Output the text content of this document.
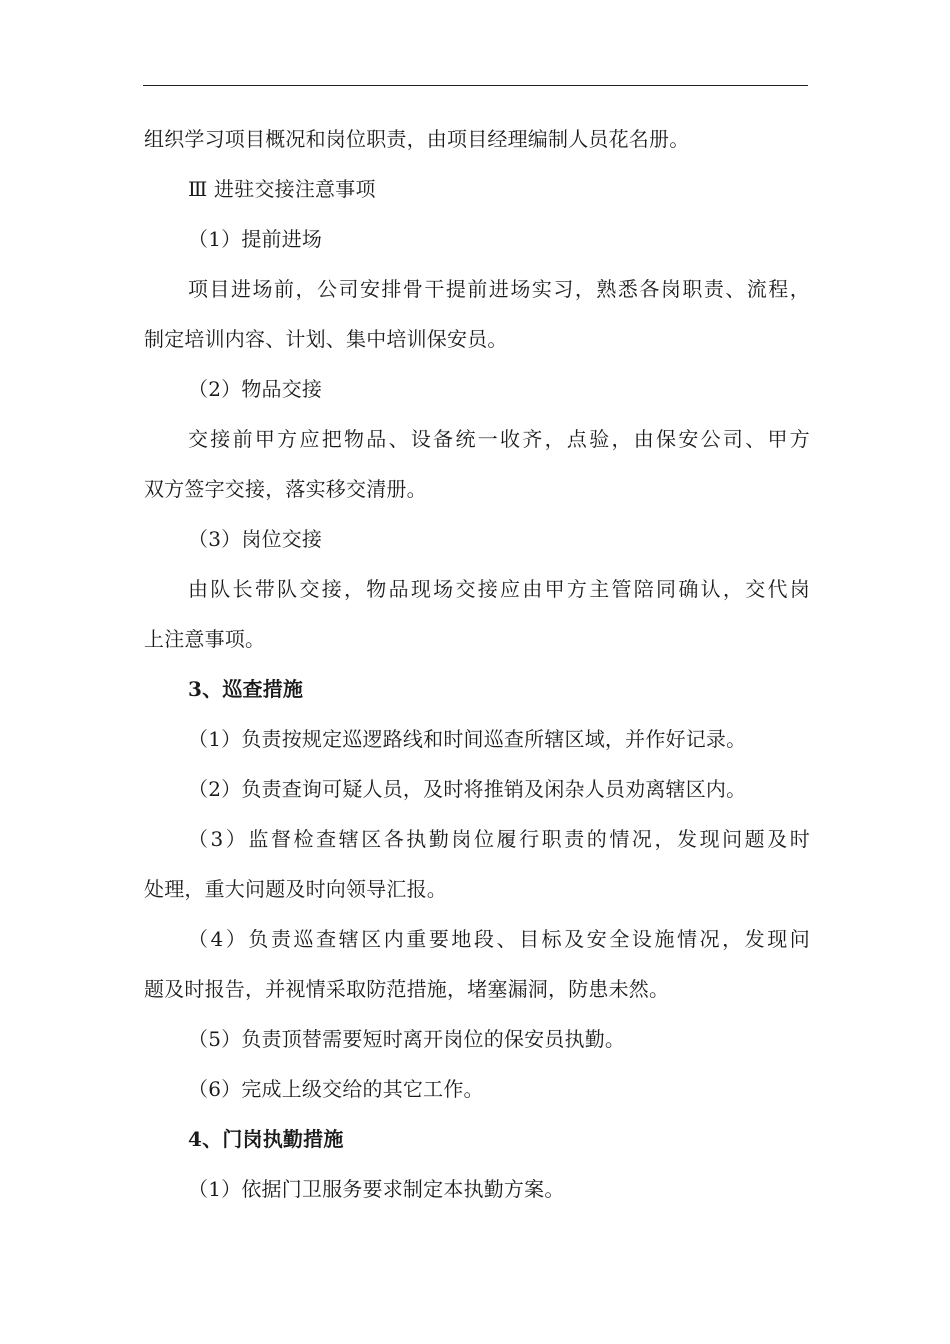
组织学习项目概况和岗位职责，由项目经理编制人员花名册。
Ⅲ 进驻交接注意事项
（1）提前进场
项目进场前，公司安排骨干提前进场实习，熟悉各岗职责、流程，
制定培训内容、计划、集中培训保安员。
（2）物品交接
交接前甲方应把物品、设备统一收齐，点验，由保安公司、甲方
双方签字交接，落实移交清册。
（3）岗位交接
由队长带队交接，物品现场交接应由甲方主管陪同确认，交代岗
上注意事项。
3、巡查措施
（1）负责按规定巡逻路线和时间巡查所辖区域，并作好记录。
（2）负责查询可疑人员，及时将推销及闲杂人员劝离辖区内。
（3）监督检查辖区各执勤岗位履行职责的情况，发现问题及时
处理，重大问题及时向领导汇报。
（4）负责巡查辖区内重要地段、目标及安全设施情况，发现问
题及时报告，并视情采取防范措施，堵塞漏洞，防患未然。
（5）负责顶替需要短时离开岗位的保安员执勤。
（6）完成上级交给的其它工作。
4、门岗执勤措施
（1）依据门卫服务要求制定本执勤方案。
